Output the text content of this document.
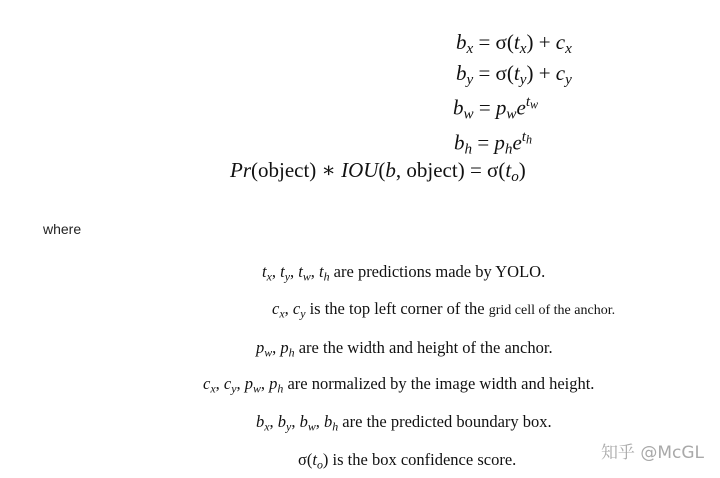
$b_x = \sigma(t_x) + c_x$
$b_y = \sigma(t_y) + c_y$
$b_w = p_we^{t_w}$
$b_h = p_he^{t_h}$
Pr(object) ∗ IOU(b, object) = $\sigma(t_o)$
where
$t_x$, $t_y$, $t_w$, $t_h$ are predictions made by YOLO.
$c_x$, $c_y$ is the top left corner of the grid cell of the anchor.
$p_w$, $p_h$ are the width and height of the anchor.
$c_x$, $c_y$, $p_w$, $p_h$ are normalized by the image width and height.
$b_x$, $b_y$, $b_w$, $b_h$ are the predicted boundary box.
$\sigma(t_o)$ is the box confidence score.	知乎 @McGL
